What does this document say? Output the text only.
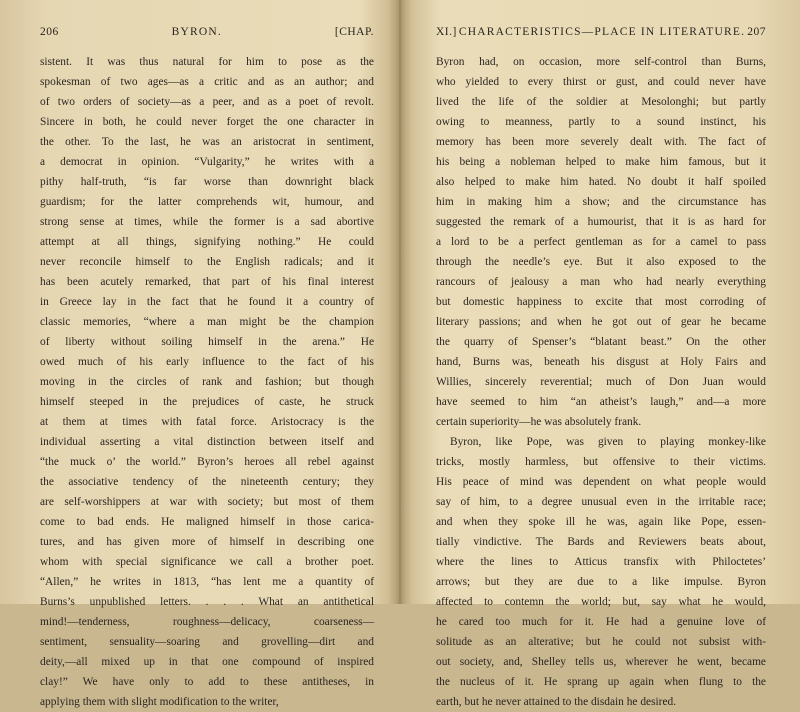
206	BYRON.	[CHAP.
sistent. It was thus natural for him to pose as the
spokesman of two ages—as a critic and as an author; and
of two orders of society—as a peer, and as a poet of revolt.
Sincere in both, he could never forget the one character in
the other. To the last, he was an aristocrat in sentiment,
a democrat in opinion. “Vulgarity,” he writes with a
pithy half-truth, “is far worse than downright black
guardism; for the latter comprehends wit, humour, and
strong sense at times, while the former is a sad abortive
attempt at all things, signifying nothing.” He could
never reconcile himself to the English radicals; and it
has been acutely remarked, that part of his final interest
in Greece lay in the fact that he found it a country of
classic memories, “where a man might be the champion
of liberty without soiling himself in the arena.” He
owed much of his early influence to the fact of his
moving in the circles of rank and fashion; but though
himself steeped in the prejudices of caste, he struck
at them at times with fatal force. Aristocracy is the
individual asserting a vital distinction between itself and
“the muck o’ the world.” Byron’s heroes all rebel against
the associative tendency of the nineteenth century; they
are self-worshippers at war with society; but most of them
come to bad ends. He maligned himself in those carica-
tures, and has given more of himself in describing one
whom with special significance we call a brother poet.
“Allen,” he writes in 1813, “has lent me a quantity of
Burns’s unpublished letters. . . . What an antithetical
mind!—tenderness, roughness—delicacy, coarseness—
sentiment, sensuality—soaring and grovelling—dirt and
deity,—all mixed up in that one compound of inspired
clay!” We have only to add to these antitheses, in
applying them with slight modification to the writer,
XI.] CHARACTERISTICS—PLACE IN LITERATURE. 207
Byron had, on occasion, more self-control than Burns,
who yielded to every thirst or gust, and could never have
lived the life of the soldier at Mesolonghi; but partly
owing to meanness, partly to a sound instinct, his
memory has been more severely dealt with. The fact of
his being a nobleman helped to make him famous, but it
also helped to make him hated. No doubt it half spoiled
him in making him a show; and the circumstance has
suggested the remark of a humourist, that it is as hard for
a lord to be a perfect gentleman as for a camel to pass
through the needle’s eye. But it also exposed to the
rancours of jealousy a man who had nearly everything
but domestic happiness to excite that most corroding of
literary passions; and when he got out of gear he became
the quarry of Spenser’s “blatant beast.” On the other
hand, Burns was, beneath his disgust at Holy Fairs and
Willies, sincerely reverential; much of Don Juan would
have seemed to him “an atheist’s laugh,” and—a more
certain superiority—he was absolutely frank.
Byron, like Pope, was given to playing monkey-like
tricks, mostly harmless, but offensive to their victims.
His peace of mind was dependent on what people would
say of him, to a degree unusual even in the irritable race;
and when they spoke ill he was, again like Pope, essen-
tially vindictive. The Bards and Reviewers beats about,
where the lines to Atticus transfix with Philoctetes’
arrows; but they are due to a like impulse. Byron
affected to contemn the world; but, say what he would,
he cared too much for it. He had a genuine love of
solitude as an alterative; but he could not subsist with-
out society, and, Shelley tells us, wherever he went, became
the nucleus of it. He sprang up again when flung to the
earth, but he never attained to the disdain he desired.
